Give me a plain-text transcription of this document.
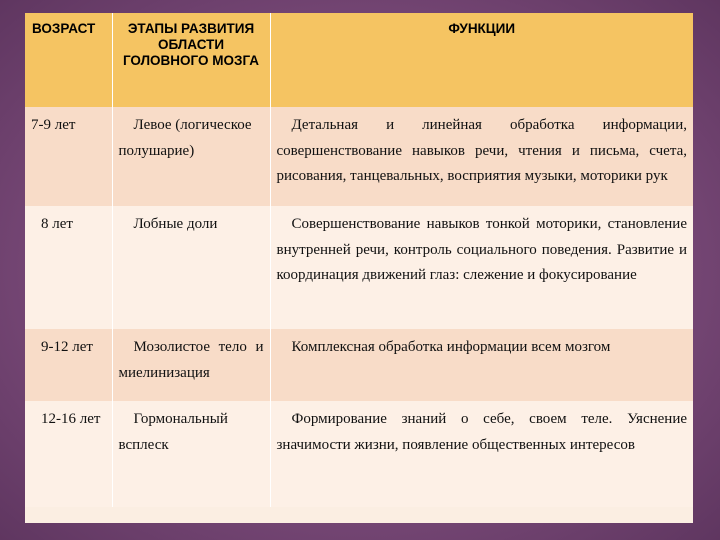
ВОЗРАСТ	ЭТАПЫ РАЗВИТИЯ ОБЛАСТИ ГОЛОВНОГО МОЗГА	ФУНКЦИИ
7-9 лет	Левое (логическое полушарие)	Детальная и линейная обработка информации, совершенствование навыков речи, чтения и письма, счета, рисования, танцевальных, восприятия музыки, моторики рук
8 лет	Лобные доли	Совершенствование навыков тонкой моторики, становление внутренней речи, контроль социального поведения. Развитие и координация движений глаз: слежение и фокусирование
9-12 лет	Мозолистое тело и миелинизация	Комплексная обработка информации всем мозгом
12-16 лет	Гормональный всплеск	Формирование знаний о себе, своем теле. Уяснение значимости жизни, появление общественных интересов
